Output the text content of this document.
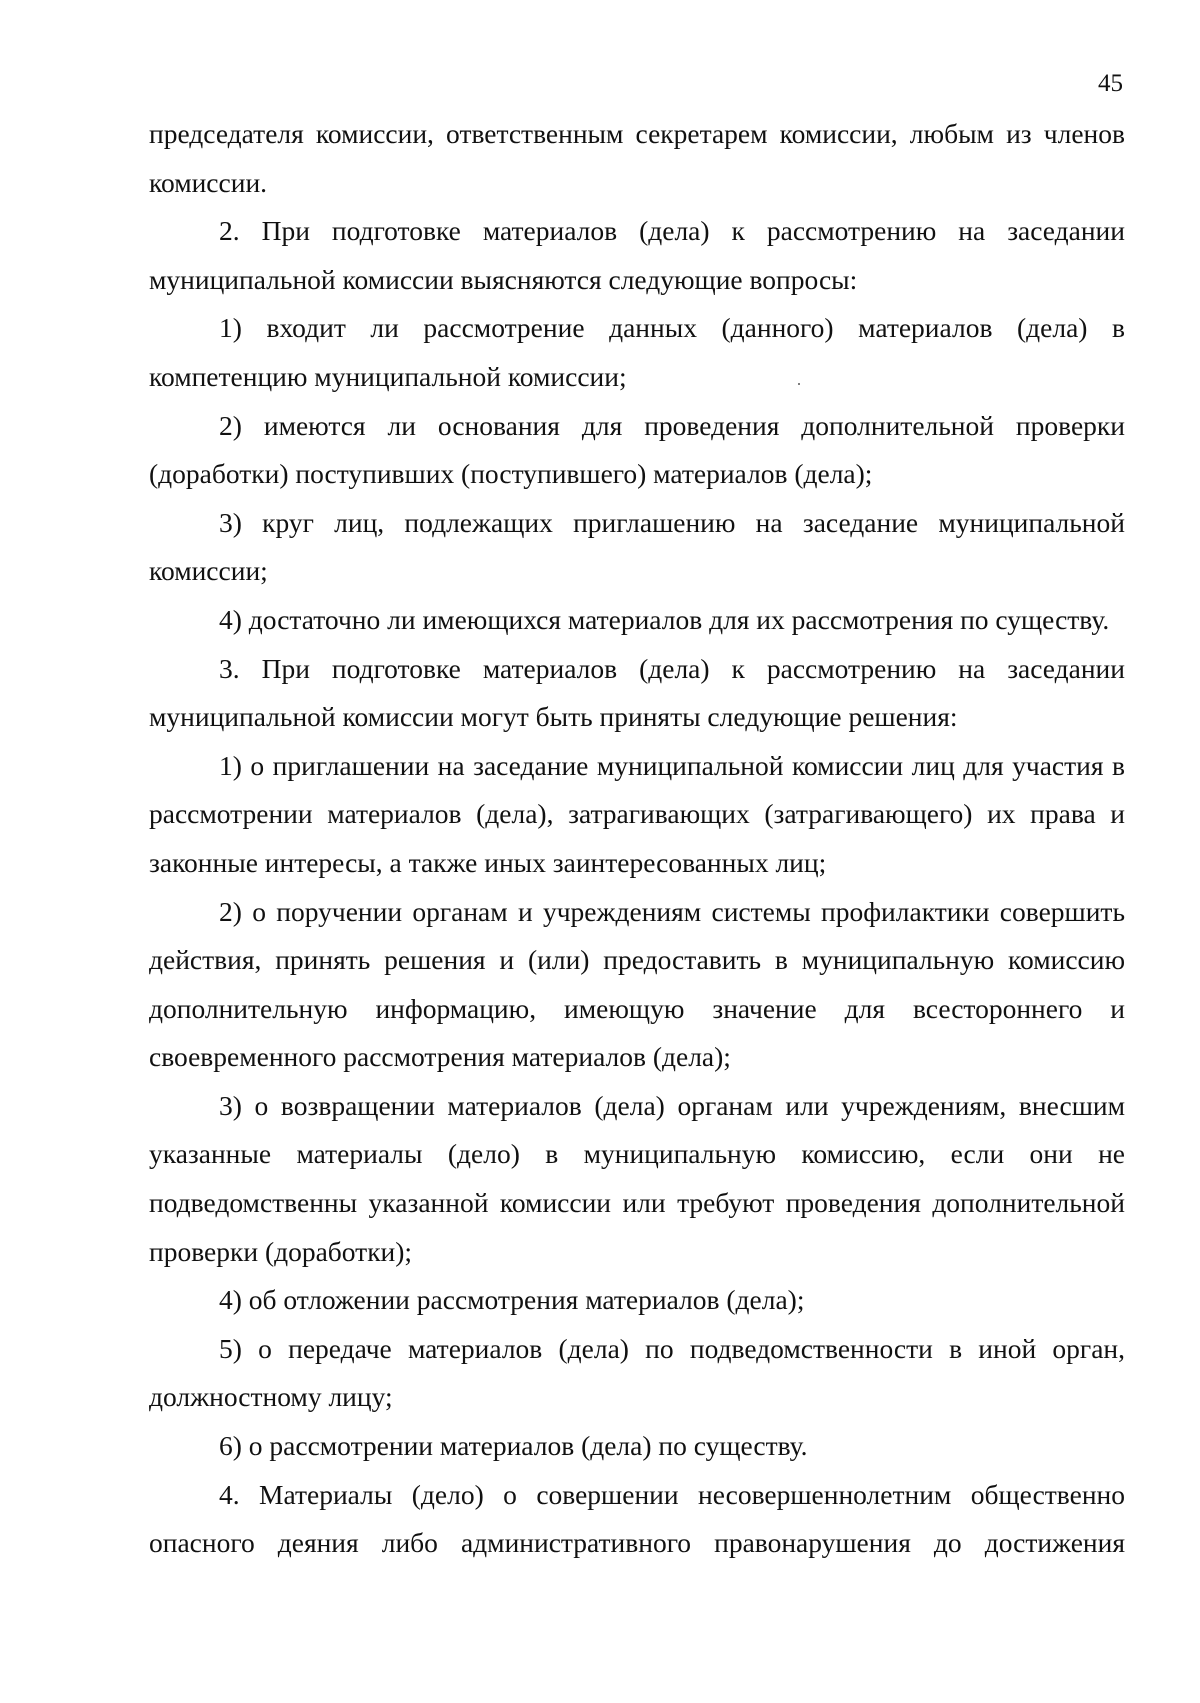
45

председателя комиссии, ответственным секретарем комиссии, любым из членов комиссии.

2. При подготовке материалов (дела) к рассмотрению на заседании муниципальной комиссии выясняются следующие вопросы:

1) входит ли рассмотрение данных (данного) материалов (дела) в компетенцию муниципальной комиссии;

2) имеются ли основания для проведения дополнительной проверки (доработки) поступивших (поступившего) материалов (дела);

3) круг лиц, подлежащих приглашению на заседание муниципальной комиссии;

4) достаточно ли имеющихся материалов для их рассмотрения по существу.

3. При подготовке материалов (дела) к рассмотрению на заседании муниципальной комиссии могут быть приняты следующие решения:

1) о приглашении на заседание муниципальной комиссии лиц для участия в рассмотрении материалов (дела), затрагивающих (затрагивающего) их права и законные интересы, а также иных заинтересованных лиц;

2) о поручении органам и учреждениям системы профилактики совершить действия, принять решения и (или) предоставить в муниципальную комиссию дополнительную информацию, имеющую значение для всестороннего и своевременного рассмотрения материалов (дела);

3) о возвращении материалов (дела) органам или учреждениям, внесшим указанные материалы (дело) в муниципальную комиссию, если они не подведомственны указанной комиссии или требуют проведения дополнительной проверки (доработки);

4) об отложении рассмотрения материалов (дела);

5) о передаче материалов (дела) по подведомственности в иной орган, должностному лицу;

6) о рассмотрении материалов (дела) по существу.

4. Материалы (дело) о совершении несовершеннолетним общественно опасного деяния либо административного правонарушения до достижения
